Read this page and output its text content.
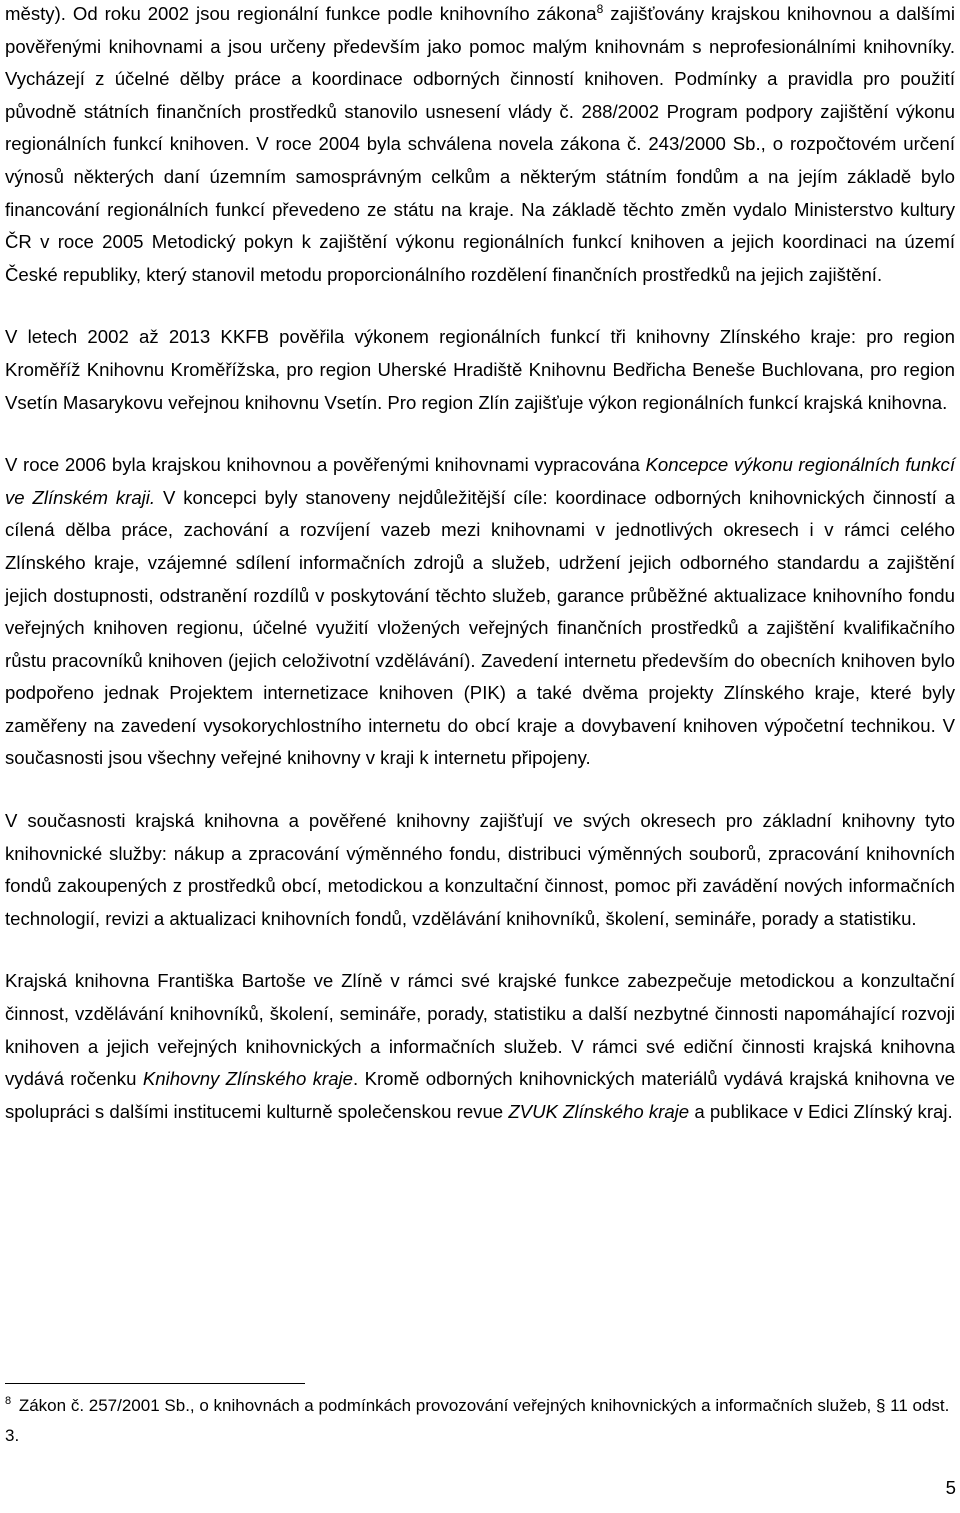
městy). Od roku 2002 jsou regionální funkce podle knihovního zákona$^8$ zajišťovány krajskou knihovnou a dalšími pověřenými knihovnami a jsou určeny především jako pomoc malým knihovnám s neprofesionálními knihovníky. Vycházejí z účelné dělby práce a koordinace odborných činností knihoven. Podmínky a pravidla pro použití původně státních finančních prostředků stanovilo usnesení vlády č. 288/2002 Program podpory zajištění výkonu regionálních funkcí knihoven. V roce 2004 byla schválena novela zákona č. 243/2000 Sb., o rozpočtovém určení výnosů některých daní územním samosprávným celkům a některým státním fondům a na jejím základě bylo financování regionálních funkcí převedeno ze státu na kraje. Na základě těchto změn vydalo Ministerstvo kultury ČR v roce 2005 Metodický pokyn k zajištění výkonu regionálních funkcí knihoven a jejich koordinaci na území České republiky, který stanovil metodu proporcionálního rozdělení finančních prostředků na jejich zajištění.

V letech 2002 až 2013 KKFB pověřila výkonem regionálních funkcí tři knihovny Zlínského kraje: pro region Kroměříž Knihovnu Kroměřížska, pro region Uherské Hradiště Knihovnu Bedřicha Beneše Buchlovana, pro region Vsetín Masarykovu veřejnou knihovnu Vsetín. Pro region Zlín zajišťuje výkon regionálních funkcí krajská knihovna.

V roce 2006 byla krajskou knihovnou a pověřenými knihovnami vypracována Koncepce výkonu regionálních funkcí ve Zlínském kraji. V koncepci byly stanoveny nejdůležitější cíle: koordinace odborných knihovnických činností a cílená dělba práce, zachování a rozvíjení vazeb mezi knihovnami v jednotlivých okresech i v rámci celého Zlínského kraje, vzájemné sdílení informačních zdrojů a služeb, udržení jejich odborného standardu a zajištění jejich dostupnosti, odstranění rozdílů v poskytování těchto služeb, garance průběžné aktualizace knihovního fondu veřejných knihoven regionu, účelné využití vložených veřejných finančních prostředků a zajištění kvalifikačního růstu pracovníků knihoven (jejich celoživotní vzdělávání). Zavedení internetu především do obecních knihoven bylo podpořeno jednak Projektem internetizace knihoven (PIK) a také dvěma projekty Zlínského kraje, které byly zaměřeny na zavedení vysokorychlostního internetu do obcí kraje a dovybavení knihoven výpočetní technikou. V současnosti jsou všechny veřejné knihovny v kraji k internetu připojeny.

V současnosti krajská knihovna a pověřené knihovny zajišťují ve svých okresech pro základní knihovny tyto knihovnické služby: nákup a zpracování výměnného fondu, distribuci výměnných souborů, zpracování knihovních fondů zakoupených z prostředků obcí, metodickou a konzultační činnost, pomoc při zavádění nových informačních technologií, revizi a aktualizaci knihovních fondů, vzdělávání knihovníků, školení, semináře, porady a statistiku.

Krajská knihovna Františka Bartoše ve Zlíně v rámci své krajské funkce zabezpečuje metodickou a konzultační činnost, vzdělávání knihovníků, školení, semináře, porady, statistiku a další nezbytné činnosti napomáhající rozvoji knihoven a jejich veřejných knihovnických a informačních služeb. V rámci své ediční činnosti krajská knihovna vydává ročenku Knihovny Zlínského kraje. Kromě odborných knihovnických materiálů vydává krajská knihovna ve spolupráci s dalšími institucemi kulturně společenskou revue ZVUK Zlínského kraje a publikace v Edici Zlínský kraj.

$^8$ Zákon č. 257/2001 Sb., o knihovnách a podmínkách provozování veřejných knihovnických a informačních služeb, § 11 odst. 3.

5
